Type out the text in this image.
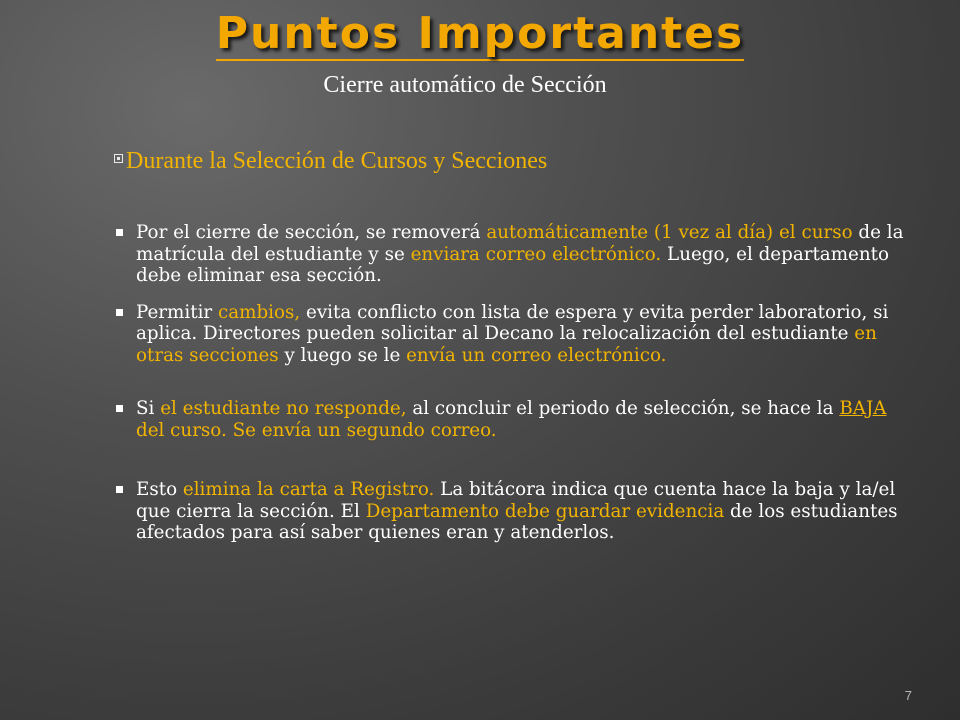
Puntos Importantes

Cierre automático de Sección

Durante la Selección de Cursos y Secciones

Por el cierre de sección, se removerá automáticamente (1 vez al día) el curso de la matrícula del estudiante y se enviara correo electrónico. Luego, el departamento debe eliminar esa sección.
Permitir cambios, evita conflicto con lista de espera y evita perder laboratorio, si aplica. Directores pueden solicitar al Decano la relocalización del estudiante en otras secciones y luego se le envía un correo electrónico.
Si el estudiante no responde, al concluir el periodo de selección, se hace la BAJA del curso. Se envía un segundo correo.
Esto elimina la carta a Registro. La bitácora indica que cuenta hace la baja y la/el que cierra la sección. El Departamento debe guardar evidencia de los estudiantes afectados para así saber quienes eran y atenderlos.
7
